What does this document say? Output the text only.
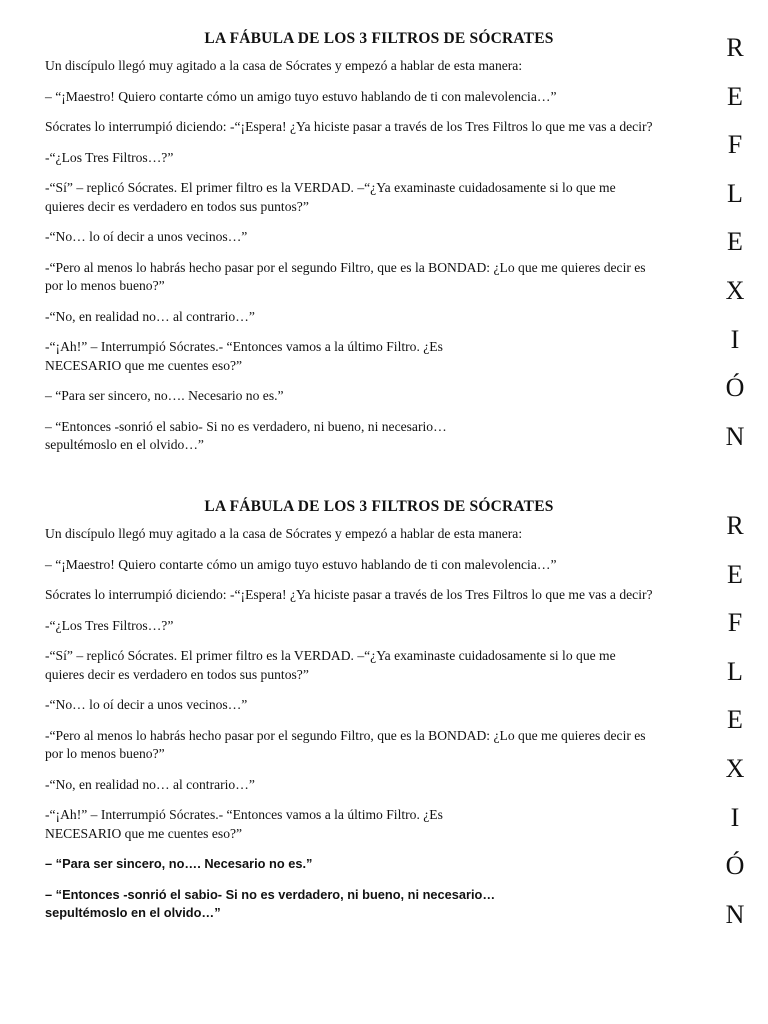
LA FÁBULA DE LOS 3 FILTROS DE SÓCRATES

Un discípulo llegó muy agitado a la casa de Sócrates y empezó a hablar de esta manera:

– “¡Maestro! Quiero contarte cómo un amigo tuyo estuvo hablando de ti con malevolencia…”

Sócrates lo interrumpió diciendo: -“¡Espera! ¿Ya hiciste pasar a través de los Tres Filtros lo que me vas a decir?

-“¿Los Tres Filtros…?”

-“Sí” – replicó Sócrates. El primer filtro es la VERDAD. –“¿Ya examinaste cuidadosamente si lo que me
quieres decir es verdadero en todos sus puntos?”

-“No… lo oí decir a unos vecinos…”

-“Pero al menos lo habrás hecho pasar por el segundo Filtro, que es la BONDAD: ¿Lo que me quieres decir es
por lo menos bueno?”

-“No, en realidad no… al contrario…”

-“¡Ah!” – Interrumpió Sócrates.- “Entonces vamos a la último Filtro. ¿Es
NECESARIO que me cuentes eso?”

– “Para ser sincero, no…. Necesario no es.”

– “Entonces -sonrió el sabio- Si no es verdadero, ni bueno, ni necesario…
sepultémoslo en el olvido…”

R
E
F
L
E
X
I
Ó
N
LA FÁBULA DE LOS 3 FILTROS DE SÓCRATES

Un discípulo llegó muy agitado a la casa de Sócrates y empezó a hablar de esta manera:

– “¡Maestro! Quiero contarte cómo un amigo tuyo estuvo hablando de ti con malevolencia…”

Sócrates lo interrumpió diciendo: -“¡Espera! ¿Ya hiciste pasar a través de los Tres Filtros lo que me vas a decir?

-“¿Los Tres Filtros…?”

-“Sí” – replicó Sócrates. El primer filtro es la VERDAD. –“¿Ya examinaste cuidadosamente si lo que me
quieres decir es verdadero en todos sus puntos?”

-“No… lo oí decir a unos vecinos…”

-“Pero al menos lo habrás hecho pasar por el segundo Filtro, que es la BONDAD: ¿Lo que me quieres decir es
por lo menos bueno?”

-“No, en realidad no… al contrario…”

-“¡Ah!” – Interrumpió Sócrates.- “Entonces vamos a la último Filtro. ¿Es
NECESARIO que me cuentes eso?”

– “Para ser sincero, no…. Necesario no es.”

– “Entonces -sonrió el sabio- Si no es verdadero, ni bueno, ni necesario…
sepultémoslo en el olvido…”

R
E
F
L
E
X
I
Ó
N
